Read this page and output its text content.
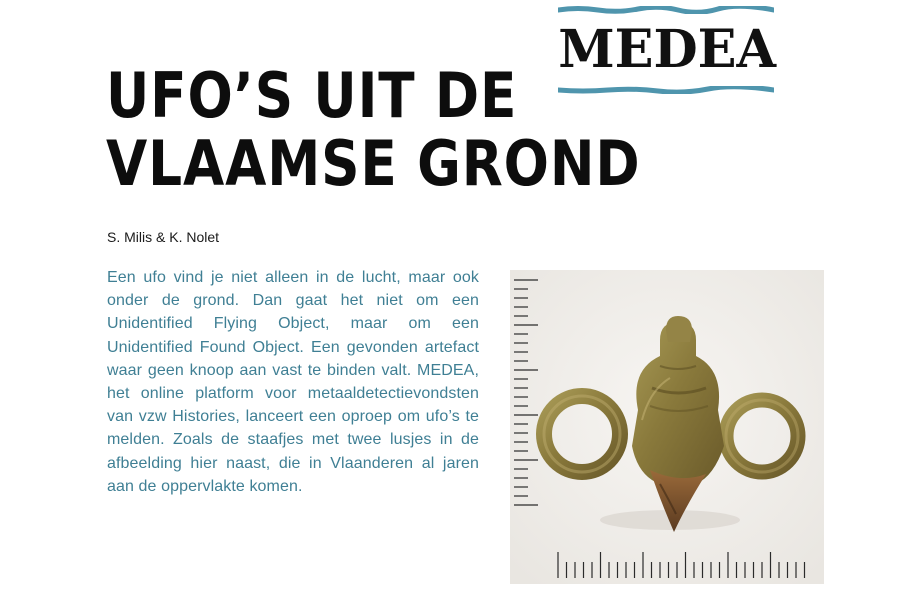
MEDEA
UFO’S UIT DE
VLAAMSE GROND
S. Milis & K. Nolet

Een ufo vind je niet alleen in de lucht, maar ook onder de grond. Dan gaat het niet om een Unidentified Flying Object, maar om een Unidentified Found Object. Een gevonden artefact waar geen knoop aan vast te binden valt. MEDEA, het online platform voor metaaldetectievondsten van vzw Histories, lanceert een oproep om ufo’s te melden. Zoals de staafjes met twee lusjes in de afbeelding hier naast, die in Vlaanderen al jaren aan de oppervlakte komen.
